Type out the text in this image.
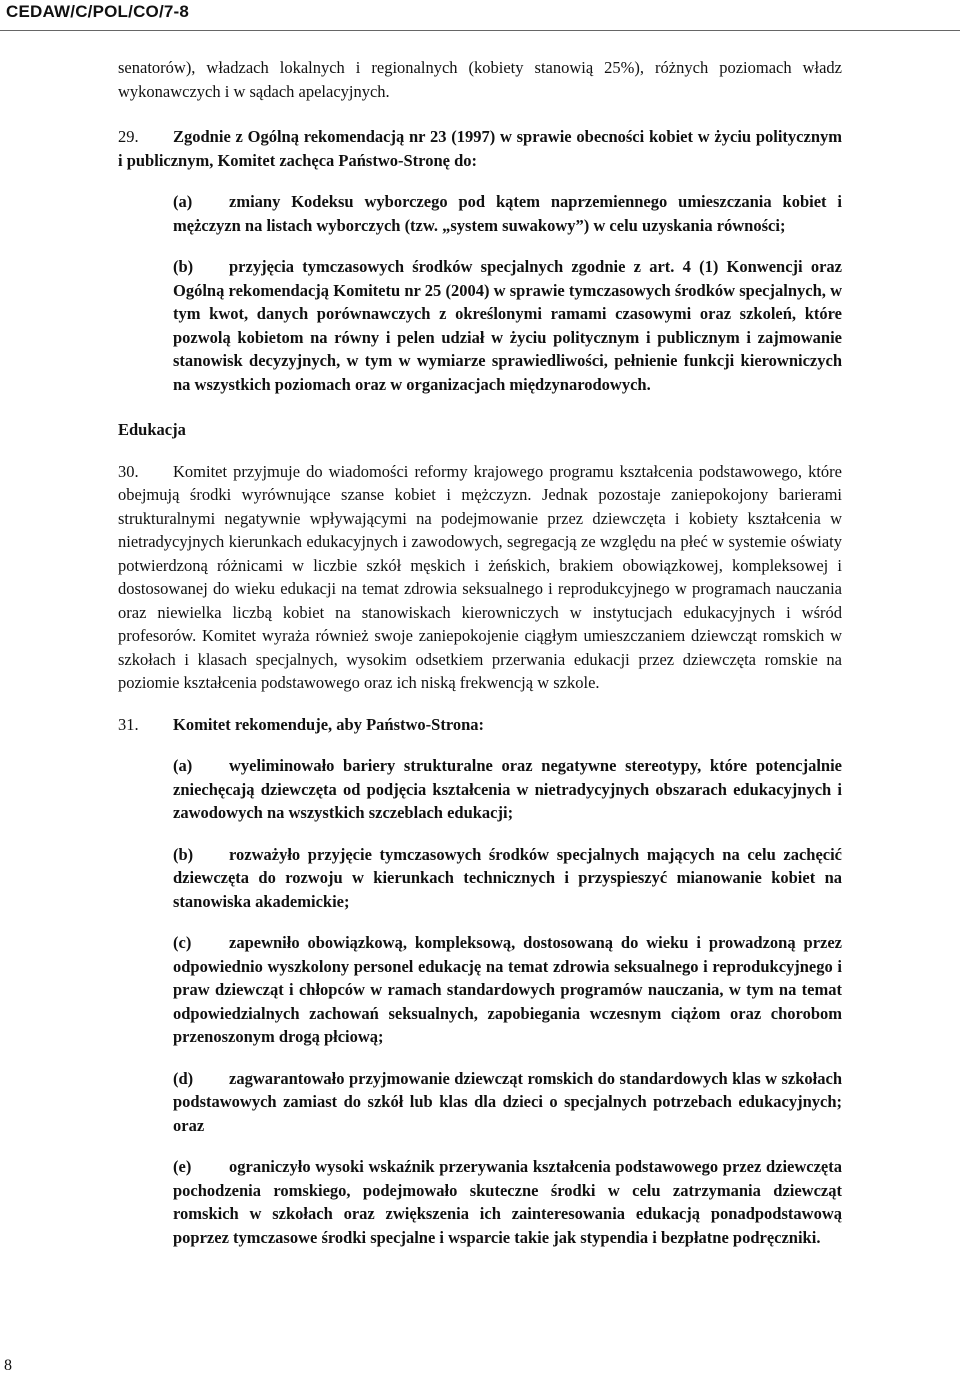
CEDAW/C/POL/CO/7-8

senatorów), władzach lokalnych i regionalnych (kobiety stanowią 25%), różnych poziomach władz wykonawczych i w sądach apelacyjnych.

29. Zgodnie z Ogólną rekomendacją nr 23 (1997) w sprawie obecności kobiet w życiu politycznym i publicznym, Komitet zachęca Państwo-Stronę do:

(a) zmiany Kodeksu wyborczego pod kątem naprzemiennego umieszczania kobiet i mężczyzn na listach wyborczych (tzw. „system suwakowy”) w celu uzyskania równości;

(b) przyjęcia tymczasowych środków specjalnych zgodnie z art. 4 (1) Konwencji oraz Ogólną rekomendacją Komitetu nr 25 (2004) w sprawie tymczasowych środków specjalnych, w tym kwot, danych porównawczych z określonymi ramami czasowymi oraz szkoleń, które pozwolą kobietom na równy i pelen udział w życiu politycznym i publicznym i zajmowanie stanowisk decyzyjnych, w tym w wymiarze sprawiedliwości, pełnienie funkcji kierowniczych na wszystkich poziomach oraz w organizacjach międzynarodowych.

Edukacja

30. Komitet przyjmuje do wiadomości reformy krajowego programu kształcenia podstawowego, które obejmują środki wyrównujące szanse kobiet i mężczyzn. Jednak pozostaje zaniepokojony barierami strukturalnymi negatywnie wpływającymi na podejmowanie przez dziewczęta i kobiety kształcenia w nietradycyjnych kierunkach edukacyjnych i zawodowych, segregacją ze względu na płeć w systemie oświaty potwierdzoną różnicami w liczbie szkół męskich i żeńskich, brakiem obowiązkowej, kompleksowej i dostosowanej do wieku edukacji na temat zdrowia seksualnego i reprodukcyjnego w programach nauczania oraz niewielka liczbą kobiet na stanowiskach kierowniczych w instytucjach edukacyjnych i wśród profesorów. Komitet wyraża również swoje zaniepokojenie ciągłym umieszczaniem dziewcząt romskich w szkołach i klasach specjalnych, wysokim odsetkiem przerwania edukacji przez dziewczęta romskie na poziomie kształcenia podstawowego oraz ich niską frekwencją w szkole.

31. Komitet rekomenduje, aby Państwo-Strona:

(a) wyeliminowało bariery strukturalne oraz negatywne stereotypy, które potencjalnie zniechęcają dziewczęta od podjęcia kształcenia w nietradycyjnych obszarach edukacyjnych i zawodowych na wszystkich szczeblach edukacji;

(b) rozważyło przyjęcie tymczasowych środków specjalnych mających na celu zachęcić dziewczęta do rozwoju w kierunkach technicznych i przyspieszyć mianowanie kobiet na stanowiska akademickie;

(c) zapewniło obowiązkową, kompleksową, dostosowaną do wieku i prowadzoną przez odpowiednio wyszkolony personel edukację na temat zdrowia seksualnego i reprodukcyjnego i praw dziewcząt i chłopców w ramach standardowych programów nauczania, w tym na temat odpowiedzialnych zachowań seksualnych, zapobiegania wczesnym ciążom oraz chorobom przenoszonym drogą płciową;

(d) zagwarantowało przyjmowanie dziewcząt romskich do standardowych klas w szkołach podstawowych zamiast do szkół lub klas dla dzieci o specjalnych potrzebach edukacyjnych; oraz

(e) ograniczyło wysoki wskaźnik przerywania kształcenia podstawowego przez dziewczęta pochodzenia romskiego, podejmowało skuteczne środki w celu zatrzymania dziewcząt romskich w szkołach oraz zwiększenia ich zainteresowania edukacją ponadpodstawową poprzez tymczasowe środki specjalne i wsparcie takie jak stypendia i bezpłatne podręczniki.

8
